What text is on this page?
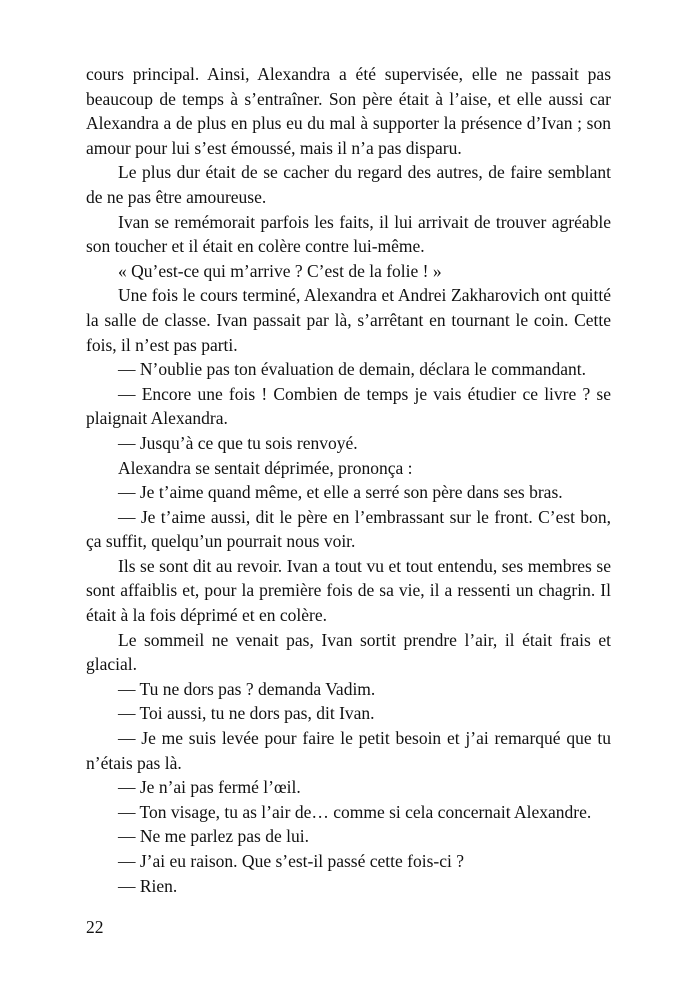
cours principal. Ainsi, Alexandra a été supervisée, elle ne passait pas beaucoup de temps à s’entraîner. Son père était à l’aise, et elle aussi car Alexandra a de plus en plus eu du mal à supporter la présence d’Ivan ; son amour pour lui s’est émoussé, mais il n’a pas disparu.

Le plus dur était de se cacher du regard des autres, de faire semblant de ne pas être amoureuse.

Ivan se remémorait parfois les faits, il lui arrivait de trouver agréable son toucher et il était en colère contre lui-même.

« Qu’est-ce qui m’arrive ? C’est de la folie ! »

Une fois le cours terminé, Alexandra et Andrei Zakharovich ont quitté la salle de classe. Ivan passait par là, s’arrêtant en tournant le coin. Cette fois, il n’est pas parti.

— N’oublie pas ton évaluation de demain, déclara le commandant.

— Encore une fois ! Combien de temps je vais étudier ce livre ? se plaignait Alexandra.

— Jusqu’à ce que tu sois renvoyé.

Alexandra se sentait déprimée, prononça :

— Je t’aime quand même, et elle a serré son père dans ses bras.

— Je t’aime aussi, dit le père en l’embrassant sur le front. C’est bon, ça suffit, quelqu’un pourrait nous voir.

Ils se sont dit au revoir. Ivan a tout vu et tout entendu, ses membres se sont affaiblis et, pour la première fois de sa vie, il a ressenti un chagrin. Il était à la fois déprimé et en colère.

Le sommeil ne venait pas, Ivan sortit prendre l’air, il était frais et glacial.

— Tu ne dors pas ? demanda Vadim.

— Toi aussi, tu ne dors pas, dit Ivan.

— Je me suis levée pour faire le petit besoin et j’ai remarqué que tu n’étais pas là.

— Je n’ai pas fermé l’œil.

— Ton visage, tu as l’air de… comme si cela concernait Alexandre.

— Ne me parlez pas de lui.

— J’ai eu raison. Que s’est-il passé cette fois-ci ?

— Rien.

22
